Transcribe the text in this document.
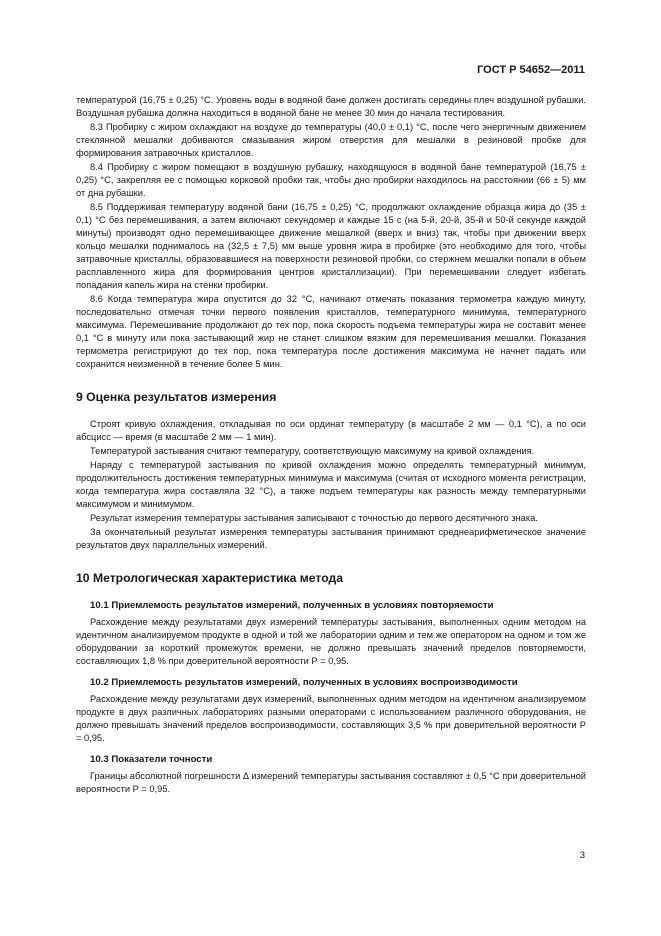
ГОСТ Р 54652—2011

температурой (16,75 ± 0,25) °С. Уровень воды в водяной бане должен достигать середины плеч воздушной рубашки. Воздушная рубашка должна находиться в водяной бане не менее 30 мин до начала тестирования.

8.3 Пробирку с жиром охлаждают на воздухе до температуры (40,0 ± 0,1) °С, после чего энергичным движением стеклянной мешалки добиваются смазывания жиром отверстия для мешалки в резиновой пробке для формирования затравочных кристаллов.

8.4 Пробирку с жиром помещают в воздушную рубашку, находящуюся в водяной бане температурой (16,75 ± 0,25) °С, закрепляя ее с помощью корковой пробки так, чтобы дно пробирки находилось на расстоянии (66 ± 5) мм от дна рубашки.

8.5 Поддерживая температуру водяной бани (16,75 ± 0,25) °С, продолжают охлаждение образца жира до (35 ± 0,1) °С без перемешивания, а затем включают секундомер и каждые 15 с (на 5-й, 20-й, 35-й и 50-й секунде каждой минуты) производят одно перемешивающее движение мешалкой (вверх и вниз) так, чтобы при движении вверх кольцо мешалки поднималось на (32,5 ± 7,5) мм выше уровня жира в пробирке (это необходимо для того, чтобы затравочные кристаллы, образовавшиеся на поверхности резиновой пробки, со стержнем мешалки попали в объем расплавленного жира для формирования центров кристаллизации). При перемешивании следует избегать попадания капель жира на стенки пробирки.

8.6 Когда температура жира опустится до 32 °С, начинают отмечать показания термометра каждую минуту, последовательно отмечая точки первого появления кристаллов, температурного минимума, температурного максимума. Перемешивание продолжают до тех пор, пока скорость подъема температуры жира не составит менее 0,1 °С в минуту или пока застывающий жир не станет слишком вязким для перемешивания мешалки. Показания термометра регистрируют до тех пор, пока температура после достижения максимума не начнет падать или сохранится неизменной в течение более 5 мин.

9 Оценка результатов измерения

Строят кривую охлаждения, откладывая по оси ординат температуру (в масштабе 2 мм — 0,1 °С), а по оси абсцисс — время (в масштабе 2 мм — 1 мин).

Температурой застывания считают температуру, соответствующую максимуму на кривой охлаждения.

Наряду с температурой застывания по кривой охлаждения можно определять температурный минимум, продолжительность достижения температурных минимума и максимума (считая от исходного момента регистрации, когда температура жира составляла 32 °С), а также подъем температуры как разность между температурными максимумом и минимумом.

Результат измерения температуры застывания записывают с точностью до первого десятичного знака.

За окончательный результат измерения температуры застывания принимают среднеарифметическое значение результатов двух параллельных измерений.

10 Метрологическая характеристика метода
10.1 Приемлемость результатов измерений, полученных в условиях повторяемости

Расхождение между результатами двух измерений температуры застывания, выполненных одним методом на идентичном анализируемом продукте в одной и той же лаборатории одним и тем же оператором на одном и том же оборудовании за короткий промежуток времени, не должно превышать значений пределов повторяемости, составляющих 1,8 % при доверительной вероятности Р = 0,95.

10.2 Приемлемость результатов измерений, полученных в условиях воспроизводимости

Расхождение между результатами двух измерений, выполненных одним методом на идентичном анализируемом продукте в двух различных лабораториях разными операторами с использованием различного оборудования, не должно превышать значений пределов воспроизводимости, составляющих 3,5 % при доверительной вероятности Р = 0,95.

10.3 Показатели точности

Границы абсолютной погрешности Δ измерений температуры застывания составляют ± 0,5 °С при доверительной вероятности Р = 0,95.

3
